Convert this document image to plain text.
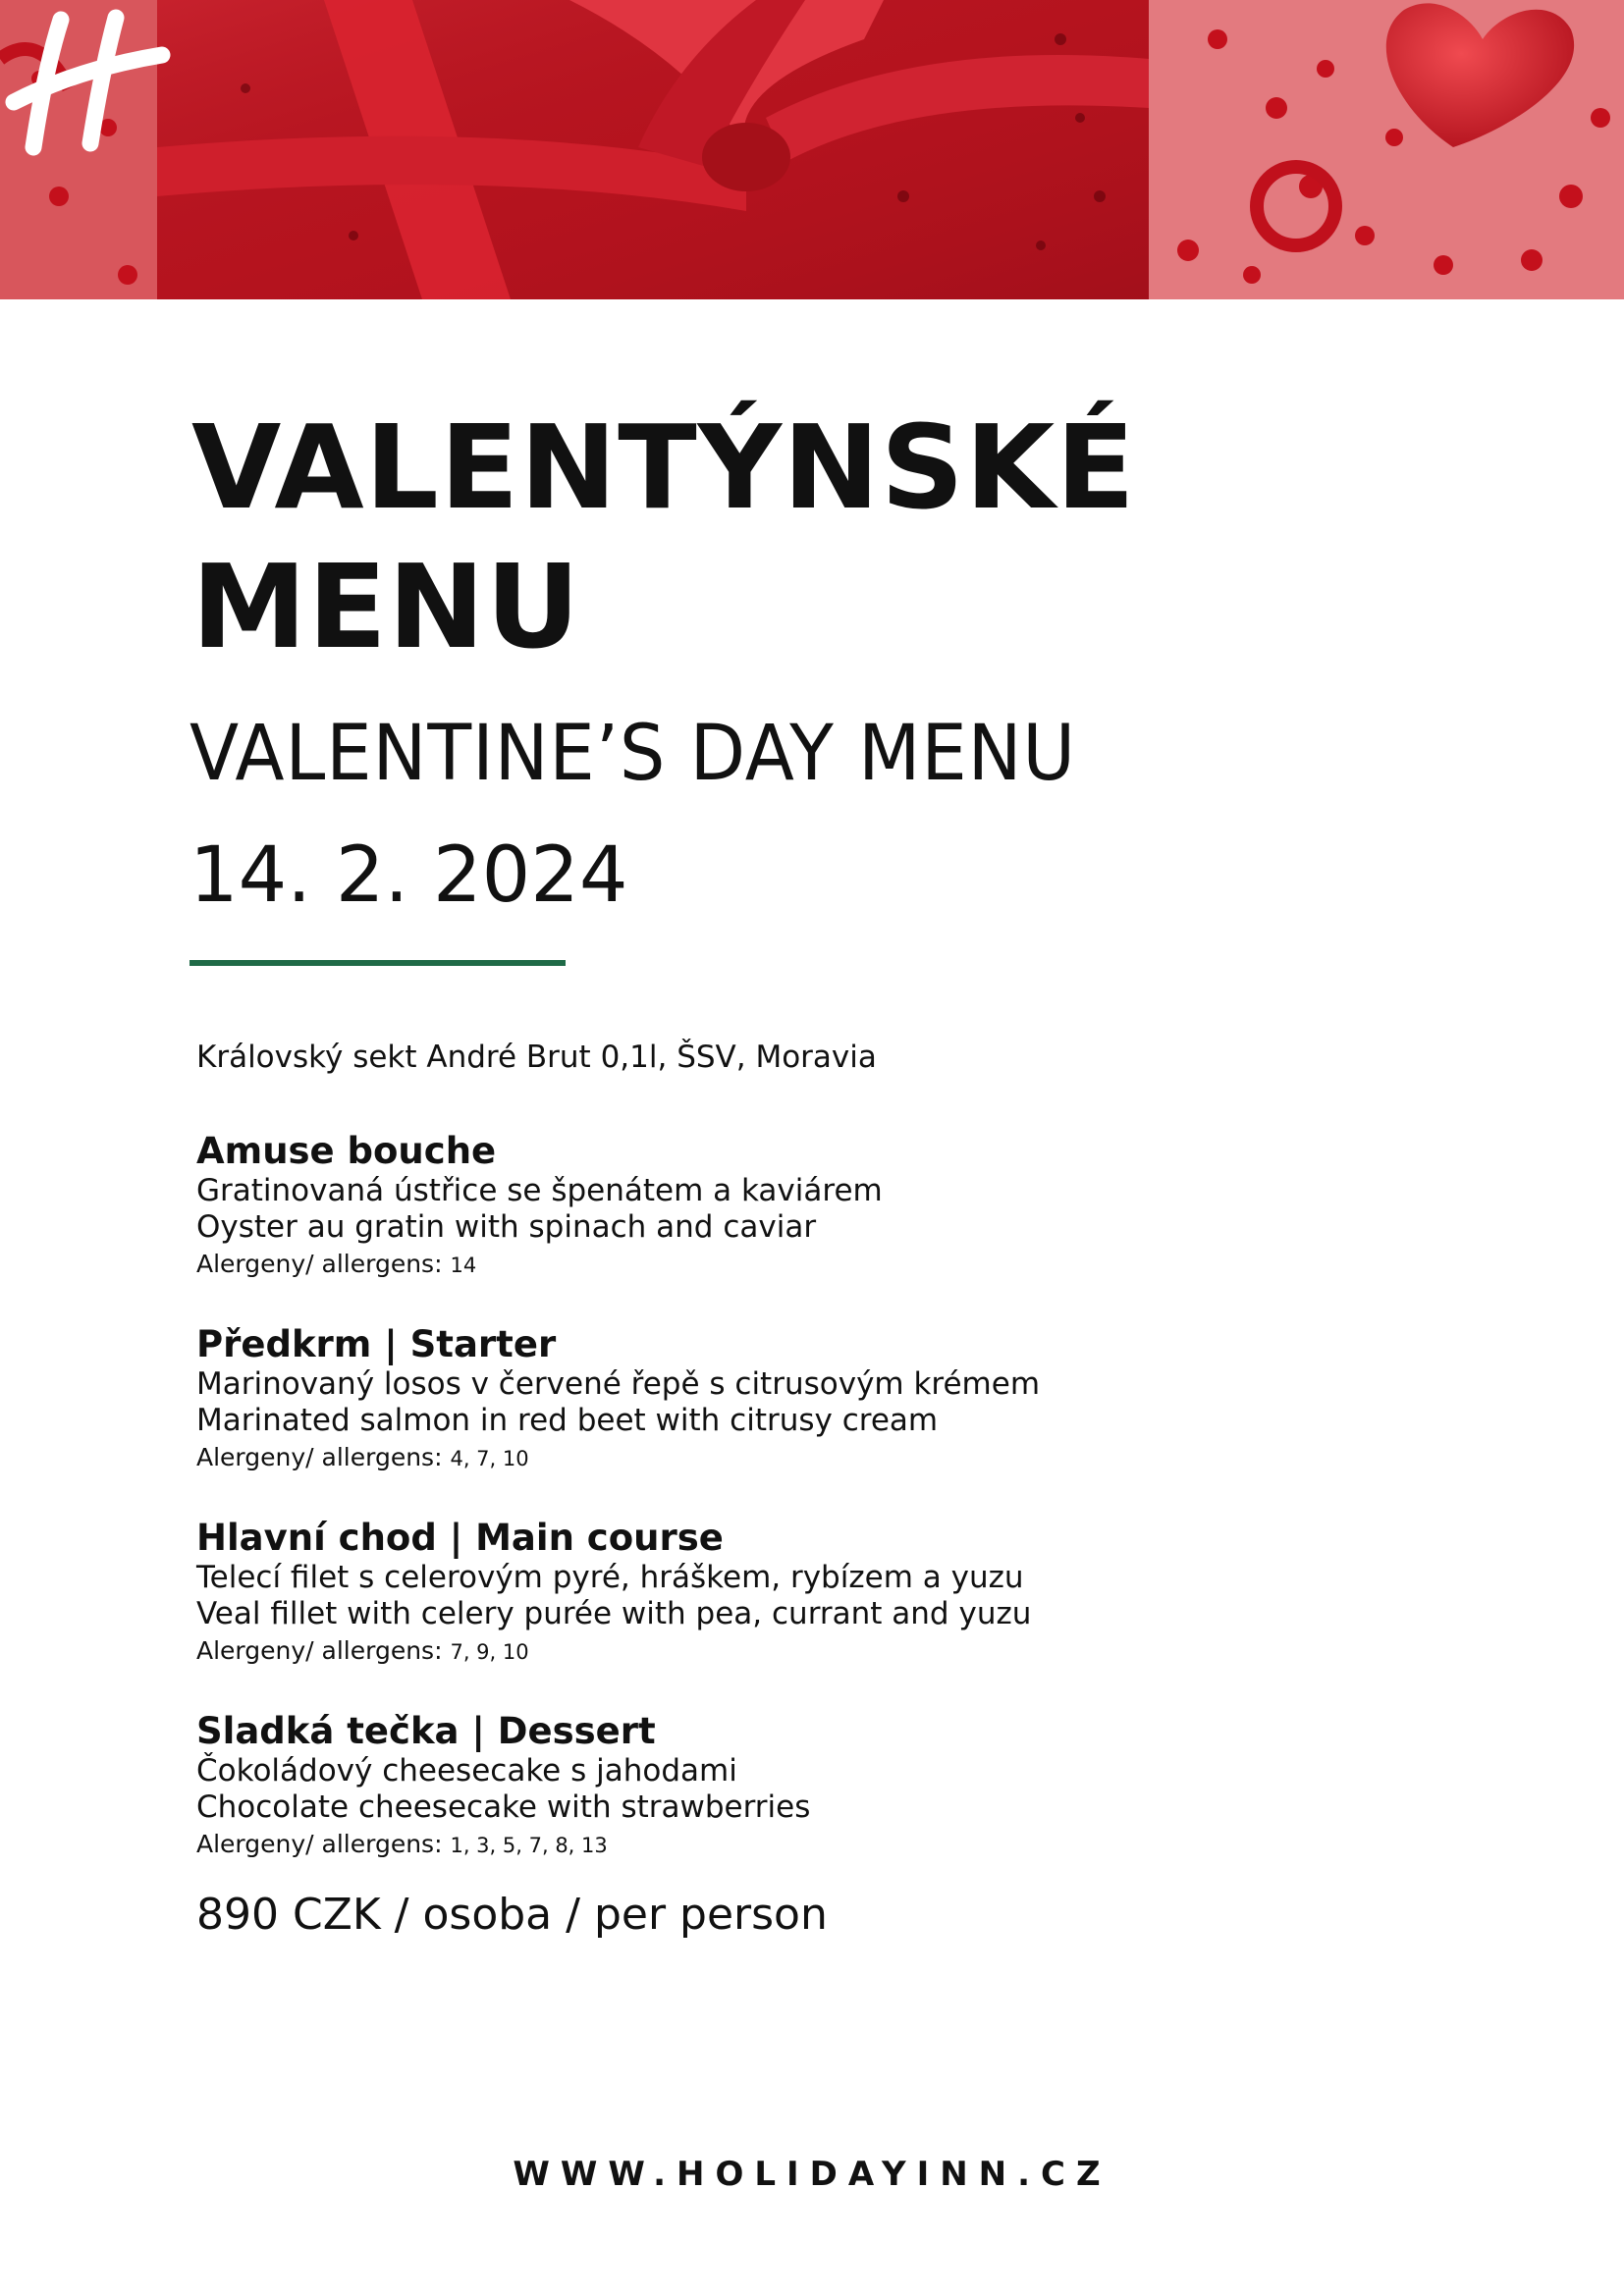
VALENTÝNSKÉ
MENU
VALENTINE’S DAY MENU
14. 2. 2024
Královský sekt André Brut 0,1l, ŠSV, Moravia
Amuse bouche
Gratinovaná ústřice se špenátem a kaviárem
Oyster au gratin with spinach and caviar
Alergeny/ allergens: 14
Předkrm | Starter
Marinovaný losos v červené řepě s citrusovým krémem
Marinated salmon in red beet with citrusy cream
Alergeny/ allergens: 4, 7, 10
Hlavní chod | Main course
Telecí filet s celerovým pyré, hráškem, rybízem a yuzu
Veal fillet with celery purée with pea, currant and yuzu
Alergeny/ allergens: 7, 9, 10
Sladká tečka | Dessert
Čokoládový cheesecake s jahodami
Chocolate cheesecake with strawberries
Alergeny/ allergens: 1, 3, 5, 7, 8, 13
890 CZK / osoba / per person
WWW.HOLIDAYINN.CZ
